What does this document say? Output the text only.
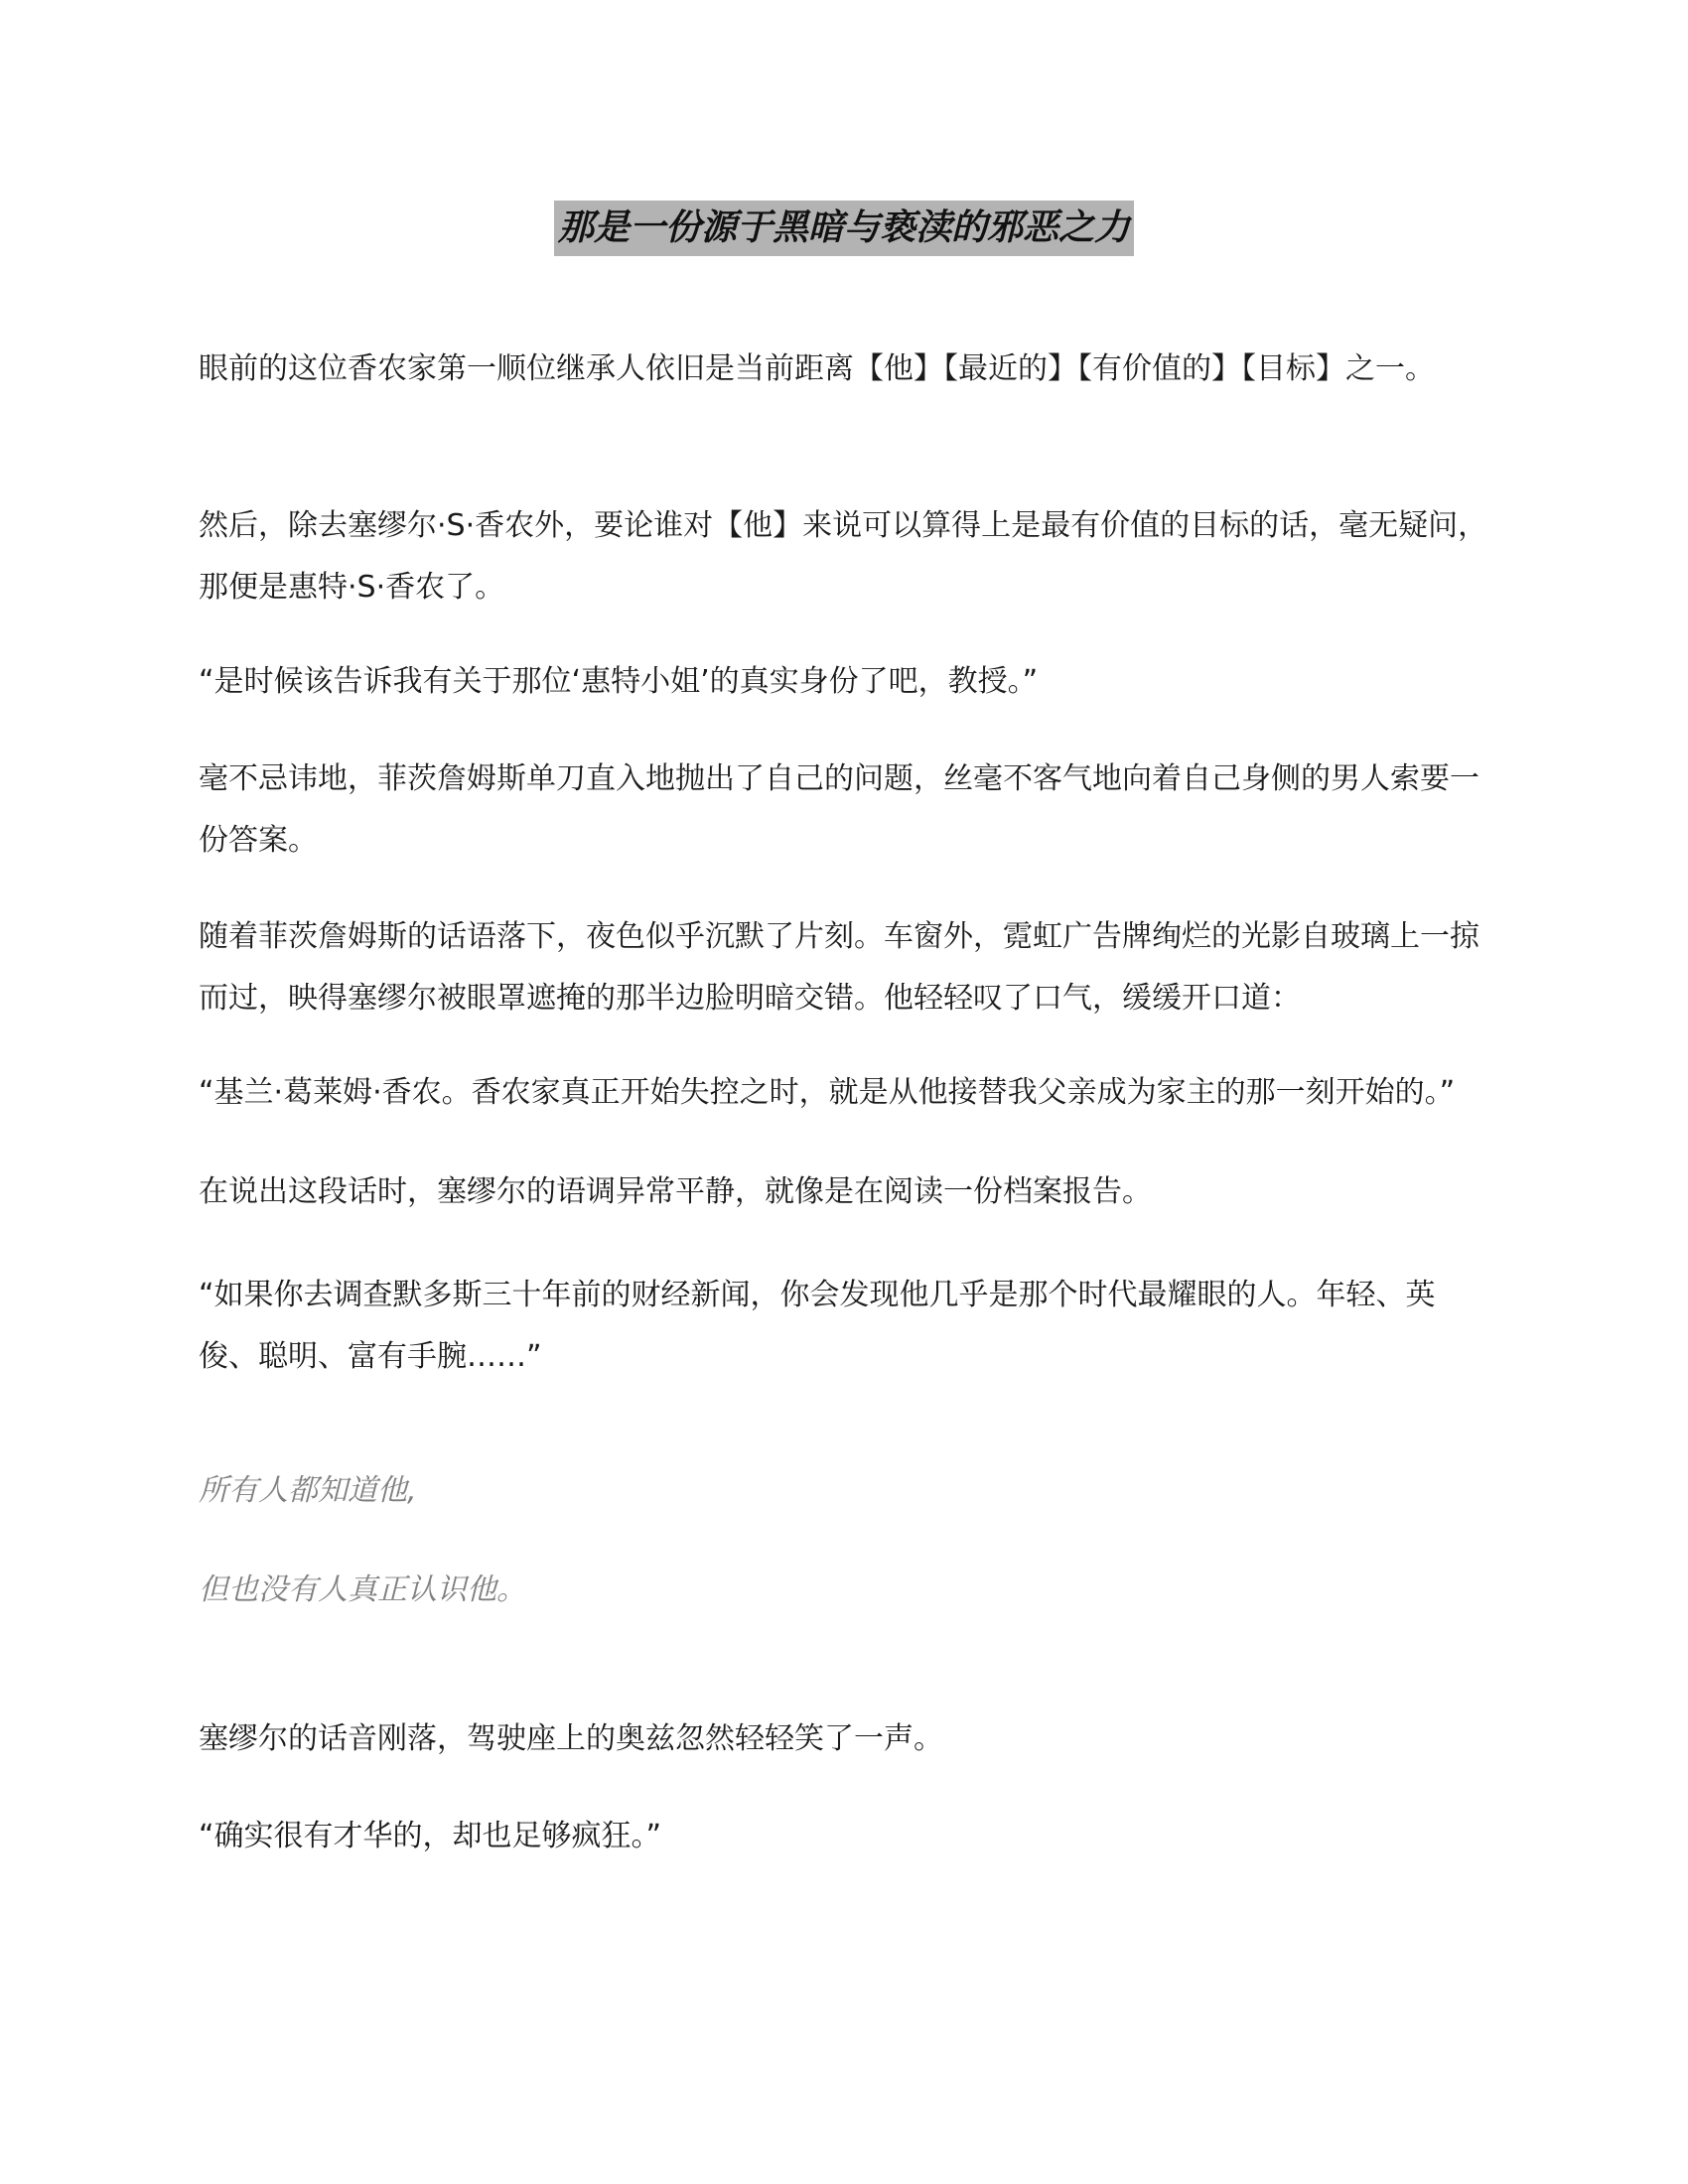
那是一份源于黑暗与亵渎的邪恶之力

眼前的这位香农家第一顺位继承人依旧是当前距离【他】【最近的】【有价值的】【目标】之一。

然后，除去塞缪尔·S·香农外，要论谁对【他】来说可以算得上是最有价值的目标的话，毫无疑问，那便是惠特·S·香农了。

“是时候该告诉我有关于那位‘惠特小姐’的真实身份了吧，教授。”

毫不忌讳地，菲茨詹姆斯单刀直入地抛出了自己的问题，丝毫不客气地向着自己身侧的男人索要一份答案。

随着菲茨詹姆斯的话语落下，夜色似乎沉默了片刻。车窗外，霓虹广告牌绚烂的光影自玻璃上一掠而过，映得塞缪尔被眼罩遮掩的那半边脸明暗交错。他轻轻叹了口气，缓缓开口道：

“基兰·葛莱姆·香农。香农家真正开始失控之时，就是从他接替我父亲成为家主的那一刻开始的。”

在说出这段话时，塞缪尔的语调异常平静，就像是在阅读一份档案报告。

“如果你去调查默多斯三十年前的财经新闻，你会发现他几乎是那个时代最耀眼的人。年轻、英俊、聪明、富有手腕……”

所有人都知道他,

但也没有人真正认识他。

塞缪尔的话音刚落，驾驶座上的奥兹忽然轻轻笑了一声。

“确实很有才华的，却也足够疯狂。”
